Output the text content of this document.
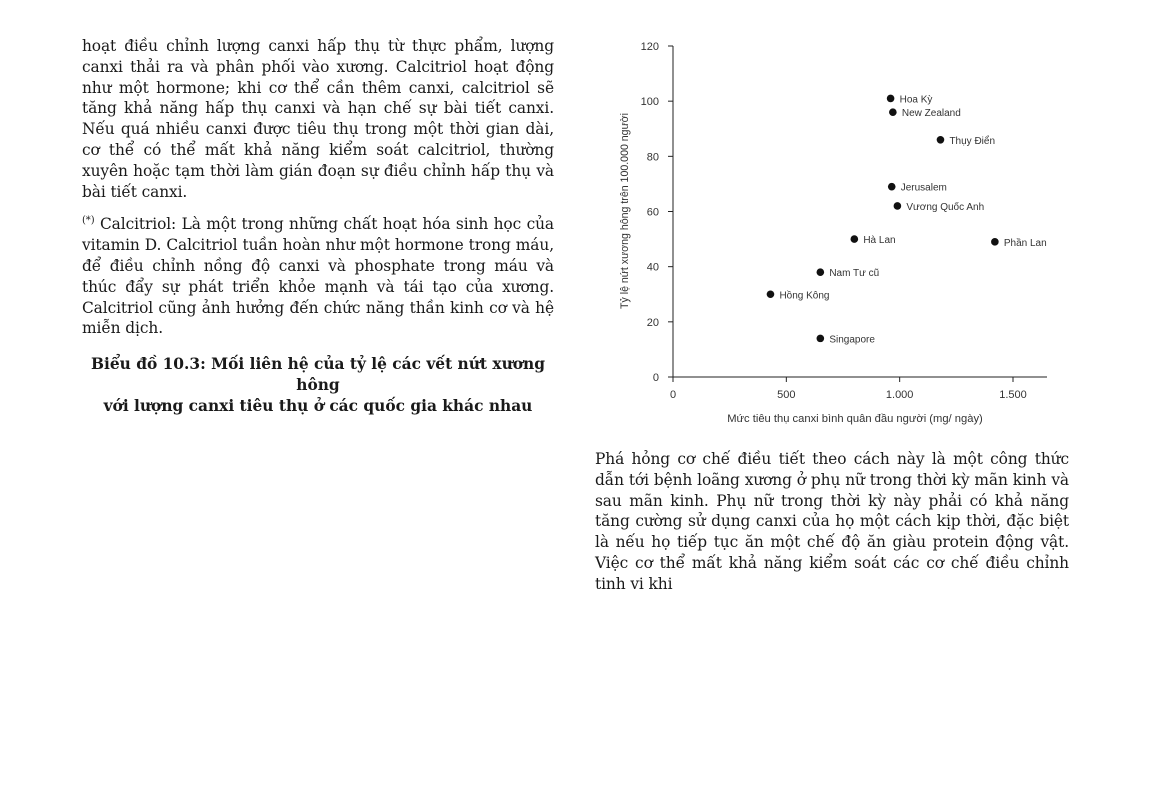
hoạt điều chỉnh lượng canxi hấp thụ từ thực phẩm, lượng canxi thải ra và phân phối vào xương. Calcitriol hoạt động như một hormone; khi cơ thể cần thêm canxi, calcitriol sẽ tăng khả năng hấp thụ canxi và hạn chế sự bài tiết canxi. Nếu quá nhiều canxi được tiêu thụ trong một thời gian dài, cơ thể có thể mất khả năng kiểm soát calcitriol, thường xuyên hoặc tạm thời làm gián đoạn sự điều chỉnh hấp thụ và bài tiết canxi.

(*) Calcitriol: Là một trong những chất hoạt hóa sinh học của vitamin D. Calcitriol tuần hoàn như một hormone trong máu, để điều chỉnh nồng độ canxi và phosphate trong máu và thúc đẩy sự phát triển khỏe mạnh và tái tạo của xương. Calcitriol cũng ảnh hưởng đến chức năng thần kinh cơ và hệ miễn dịch.

Biểu đồ 10.3: Mối liên hệ của tỷ lệ các vết nứt xương hông
với lượng canxi tiêu thụ ở các quốc gia khác nhau
0
20
40
60
80
100
120
0	500	1.000	1.500
Hoa Kỳ
New Zealand
Thụy Điển
Jerusalem
Vương Quốc Anh
Hà Lan	Phần Lan
Nam Tư cũ
Hồng Kông
Singapore
Mức tiêu thụ canxi bình quân đầu người (mg/ ngày)
Tỷ lệ nứt xương hông trên 100.000 người

Phá hỏng cơ chế điều tiết theo cách này là một công thức dẫn tới bệnh loãng xương ở phụ nữ trong thời kỳ mãn kinh và sau mãn kinh. Phụ nữ trong thời kỳ này phải có khả năng tăng cường sử dụng canxi của họ một cách kịp thời, đặc biệt là nếu họ tiếp tục ăn một chế độ ăn giàu protein động vật. Việc cơ thể mất khả năng kiểm soát các cơ chế điều chỉnh tinh vi khi
